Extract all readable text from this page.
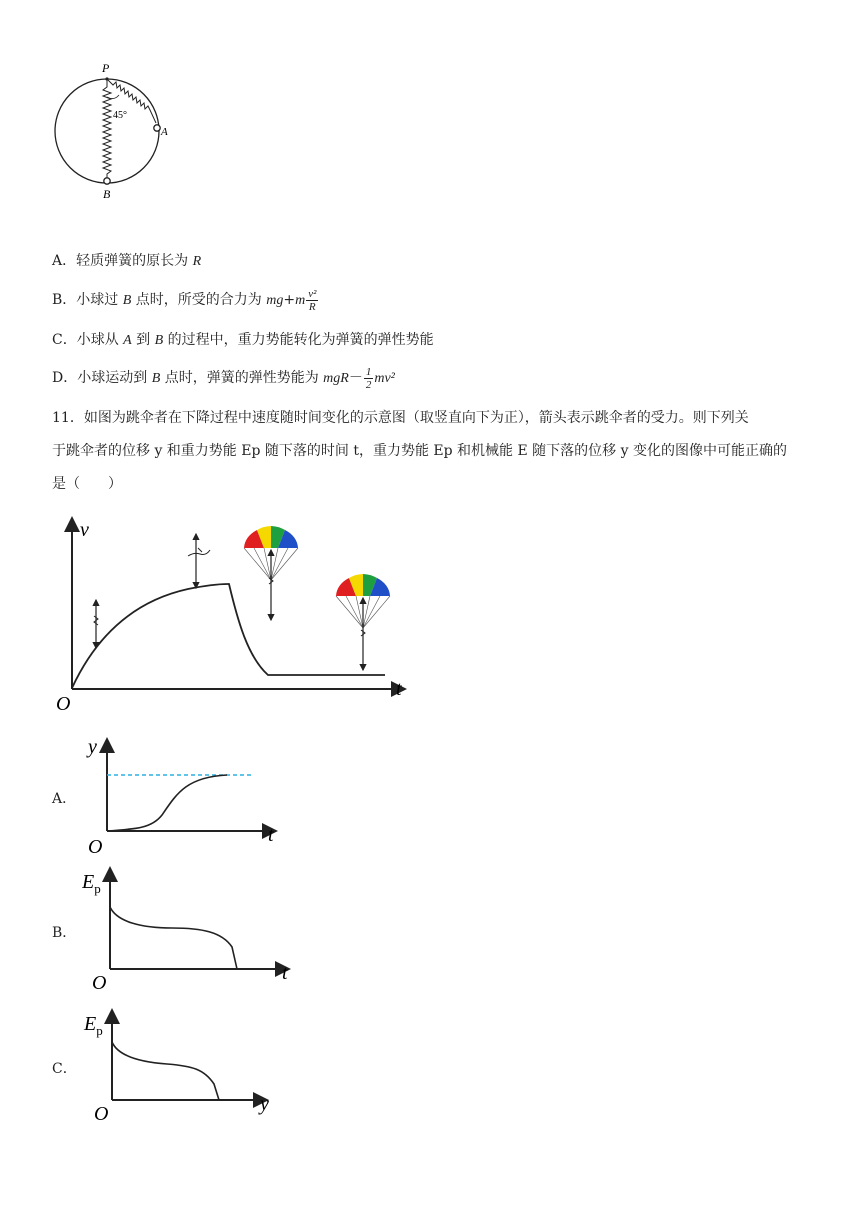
P
A
B
45°
A．轻质弹簧的原长为 R
B．小球过 B 点时，所受的合力为 $mg+m \frac{\text{v²}}{R}$
C．小球从 A 到 B 的过程中，重力势能转化为弹簧的弹性势能
D．小球运动到 B 点时，弹簧的弹性势能为 $mgR- \frac{1}{2} mv^2$
11．如图为跳伞者在下降过程中速度随时间变化的示意图（取竖直向下为正），箭头表示跳伞者的受力。则下列关
于跳伞者的位移 y 和重力势能 Ep 随下落的时间 t，重力势能 Ep 和机械能 E 随下落的位移 y 变化的图像中可能正确的
是（　　）
v
t
O
A．
y
t
O
B．
$E_p$
t
O
C．
$E_p$
y
O
